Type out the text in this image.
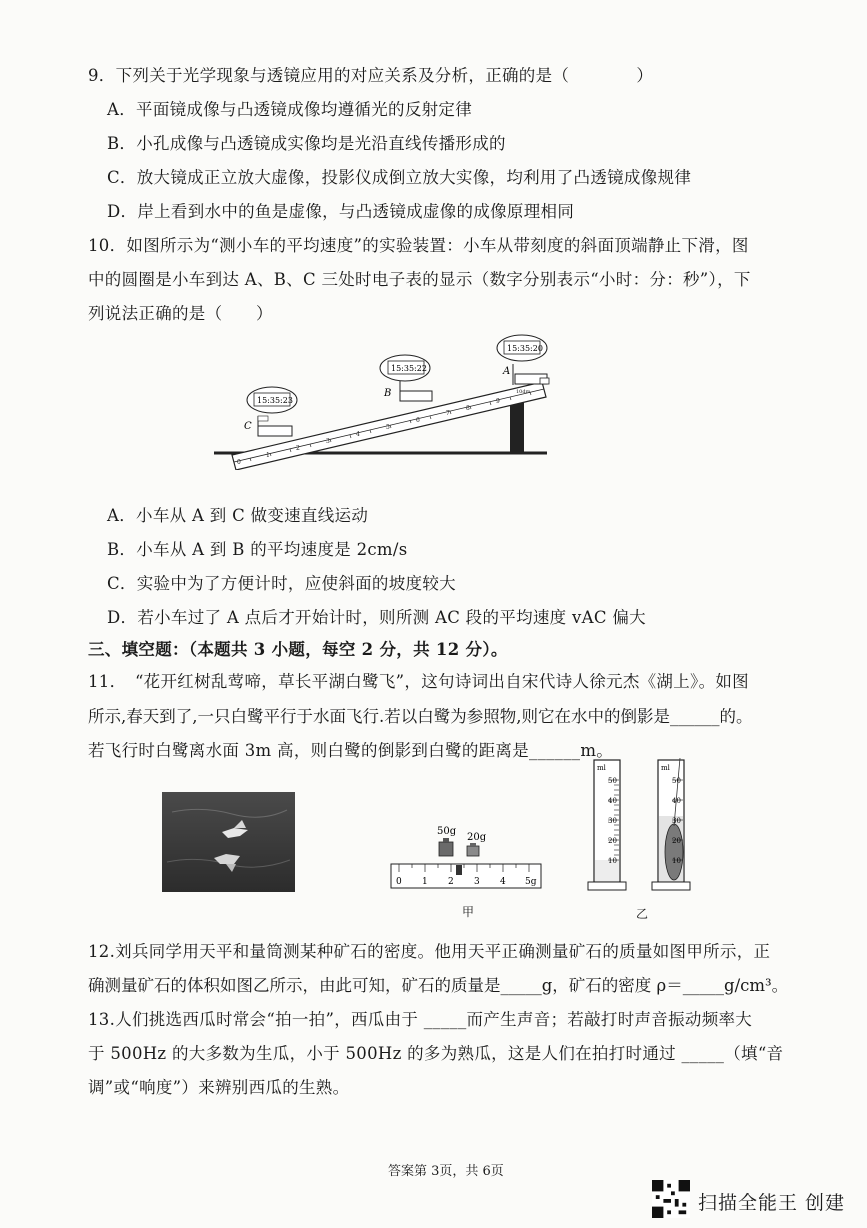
9．下列关于光学现象与透镜应用的对应关系及分析，正确的是（　　　　）
A．平面镜成像与凸透镜成像均遵循光的反射定律
B．小孔成像与凸透镜成实像均是光沿直线传播形成的
C．放大镜成正立放大虚像，投影仪成倒立放大实像，均利用了凸透镜成像规律
D．岸上看到水中的鱼是虚像，与凸透镜成虚像的成像原理相同
10．如图所示为“测小车的平均速度”的实验装置：小车从带刻度的斜面顶端静止下滑，图
中的圆圈是小车到达 A、B、C 三处时电子表的显示（数字分别表示“小时：分：秒”），下
列说法正确的是（　　）
0
1
2
3
4
5
6
7
8
9
10dm
C
15:35:23
B
15:35:22	A
15:35:20
A．小车从 A 到 C 做变速直线运动
B．小车从 A 到 B 的平均速度是 2cm/s
C．实验中为了方便计时，应使斜面的坡度较大
D．若小车过了 A 点后才开始计时，则所测 AC 段的平均速度 vAC 偏大
三、填空题：（本题共 3 小题，每空 2 分，共 12 分）。
11．　“花开红树乱莺啼，草长平湖白鹭飞”，这句诗词出自宋代诗人徐元杰《湖上》。如图
所示,春天到了,一只白鹭平行于水面飞行.若以白鹭为参照物,则它在水中的倒影是______的。
若飞行时白鹭离水面 3m 高，则白鹭的倒影到白鹭的距离是______m。
50g
20g
0 1 2 3 4 5g
甲
ml
50
40
30
20
10
ml
50
40
30
20
10
乙
12.刘兵同学用天平和量筒测某种矿石的密度。他用天平正确测量矿石的质量如图甲所示，正
确测量矿石的体积如图乙所示，由此可知，矿石的质量是_____g，矿石的密度 ρ＝_____g/cm³。
13.人们挑选西瓜时常会“拍一拍”，西瓜由于 _____而产生声音；若敲打时声音振动频率大
于 500Hz 的大多数为生瓜，小于 500Hz 的多为熟瓜，这是人们在拍打时通过 _____（填“音
调”或“响度”）来辨别西瓜的生熟。
答案第 3页，共 6页
扫描全能王 创建
